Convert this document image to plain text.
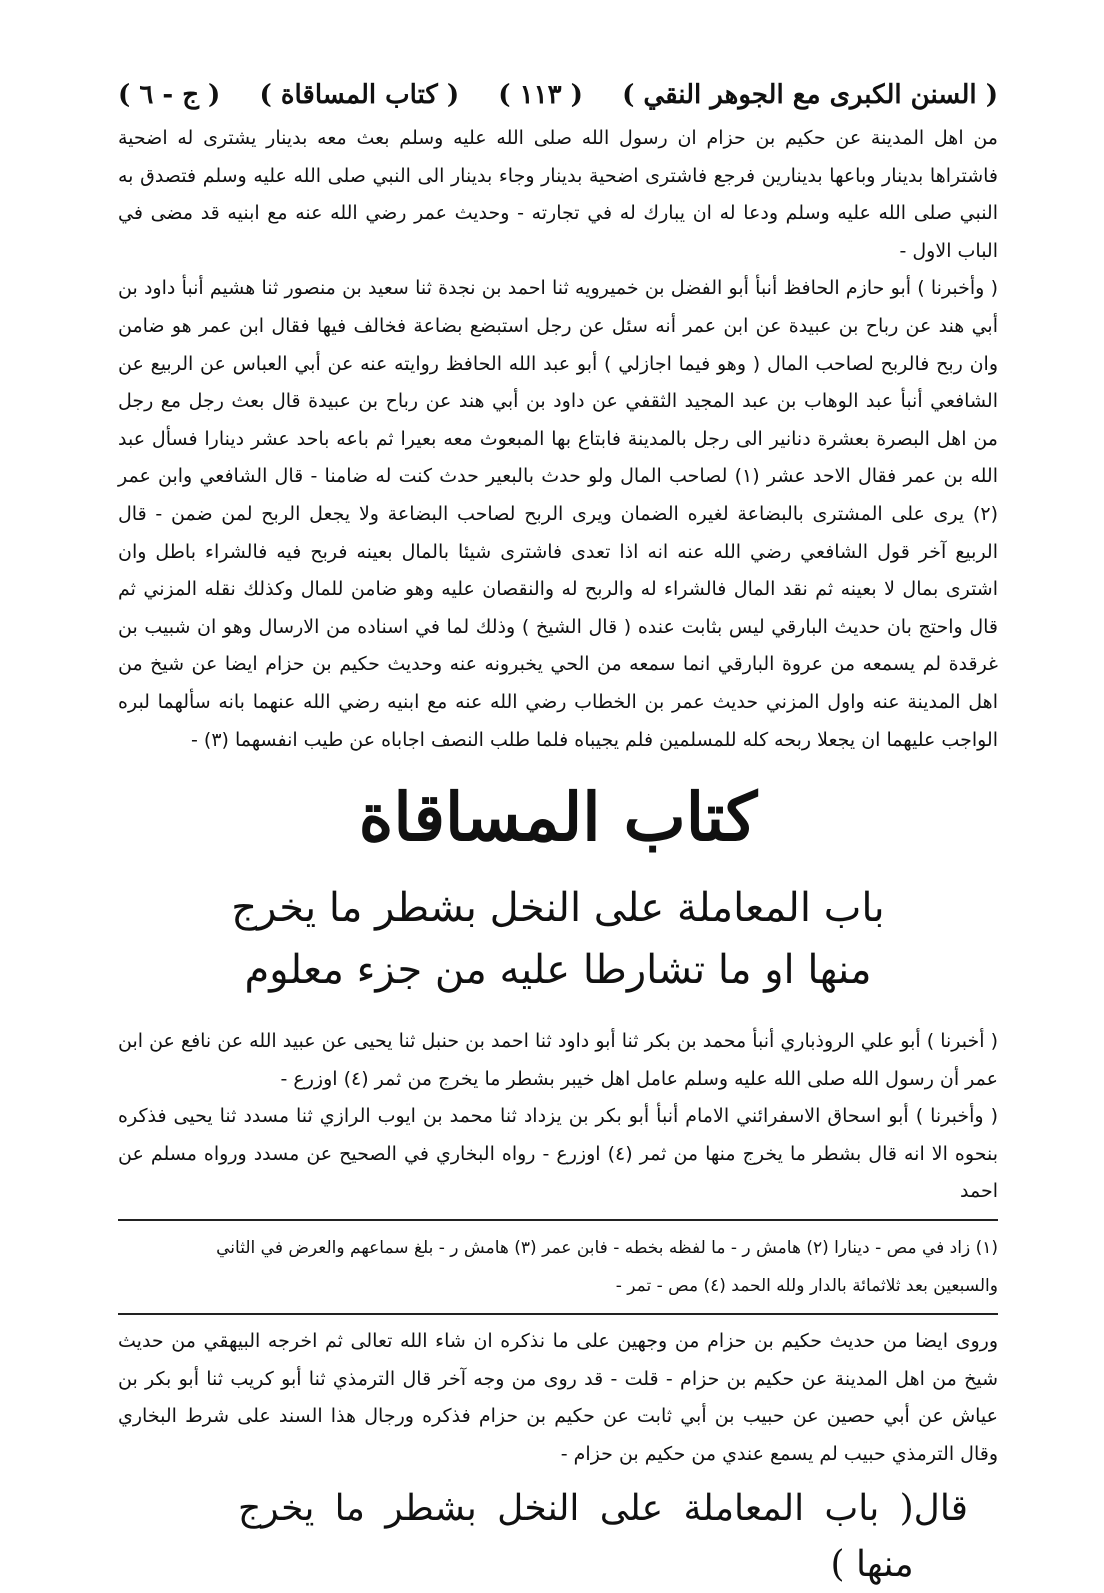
( السنن الكبرى مع الجوهر النقي )
( ١١٣ )
( كتاب المساقاة )
( ج - ٦ )

من اهل المدينة عن حكيم بن حزام ان رسول الله صلى الله عليه وسلم بعث معه بدينار يشترى له اضحية فاشتراها بدينار وباعها بدينارين فرجع فاشترى اضحية بدينار وجاء بدينار الى النبي صلى الله عليه وسلم فتصدق به النبي صلى الله عليه وسلم ودعا له ان يبارك له في تجارته - وحديث عمر رضي الله عنه مع ابنيه قد مضى في الباب الاول -

( وأخبرنا ) أبو حازم الحافظ أنبأ أبو الفضل بن خميرويه ثنا احمد بن نجدة ثنا سعيد بن منصور ثنا هشيم أنبأ داود بن أبي هند عن رباح بن عبيدة عن ابن عمر أنه سئل عن رجل استبضع بضاعة فخالف فيها فقال ابن عمر هو ضامن وان ربح فالربح لصاحب المال ( وهو فيما اجازلي ) أبو عبد الله الحافظ روايته عنه عن أبي العباس عن الربيع عن الشافعي أنبأ عبد الوهاب بن عبد المجيد الثقفي عن داود بن أبي هند عن رباح بن عبيدة قال بعث رجل مع رجل من اهل البصرة بعشرة دنانير الى رجل بالمدينة فابتاع بها المبعوث معه بعيرا ثم باعه باحد عشر دينارا فسأل عبد الله بن عمر فقال الاحد عشر (١) لصاحب المال ولو حدث بالبعير حدث كنت له ضامنا - قال الشافعي وابن عمر (٢) يرى على المشترى بالبضاعة لغيره الضمان ويرى الربح لصاحب البضاعة ولا يجعل الربح لمن ضمن - قال الربيع آخر قول الشافعي رضي الله عنه انه اذا تعدى فاشترى شيئا بالمال بعينه فربح فيه فالشراء باطل وان اشترى بمال لا بعينه ثم نقد المال فالشراء له والربح له والنقصان عليه وهو ضامن للمال وكذلك نقله المزني ثم قال واحتج بان حديث البارقي ليس بثابت عنده ( قال الشيخ ) وذلك لما في اسناده من الارسال وهو ان شبيب بن غرقدة لم يسمعه من عروة البارقي انما سمعه من الحي يخبرونه عنه وحديث حكيم بن حزام ايضا عن شيخ من اهل المدينة عنه واول المزني حديث عمر بن الخطاب رضي الله عنه مع ابنيه رضي الله عنهما بانه سألهما لبره الواجب عليهما ان يجعلا ربحه كله للمسلمين فلم يجيباه فلما طلب النصف اجاباه عن طيب انفسهما (٣) -

كتاب المساقاة

باب المعاملة على النخل بشطر ما يخرج

منها او ما تشارطا عليه من جزء معلوم

( أخبرنا ) أبو علي الروذباري أنبأ محمد بن بكر ثنا أبو داود ثنا احمد بن حنبل ثنا يحيى عن عبيد الله عن نافع عن ابن عمر أن رسول الله صلى الله عليه وسلم عامل اهل خيبر بشطر ما يخرج من ثمر (٤) اوزرع -

( وأخبرنا ) أبو اسحاق الاسفرائني الامام أنبأ أبو بكر بن يزداد ثنا محمد بن ايوب الرازي ثنا مسدد ثنا يحيى فذكره بنحوه الا انه قال بشطر ما يخرج منها من ثمر (٤) اوزرع - رواه البخاري في الصحيح عن مسدد ورواه مسلم عن احمد

(١) زاد في مص - دينارا (٢) هامش ر - ما لفظه بخطه - فابن عمر (٣) هامش ر - بلغ سماعهم والعرض في الثاني

والسبعين بعد ثلاثمائة بالدار ولله الحمد (٤) مص - تمر -

وروى ايضا من حديث حكيم بن حزام من وجهين على ما نذكره ان شاء الله تعالى ثم اخرجه البيهقي من حديث شيخ من اهل المدينة عن حكيم بن حزام - قلت - قد روى من وجه آخر قال الترمذي ثنا أبو كريب ثنا أبو بكر بن عياش عن أبي حصين عن حبيب بن أبي ثابت عن حكيم بن حزام فذكره ورجال هذا السند على شرط البخاري وقال الترمذي حبيب لم يسمع عندي من حكيم بن حزام -

قال
( باب المعاملة على النخل بشطر ما يخرج منها )
